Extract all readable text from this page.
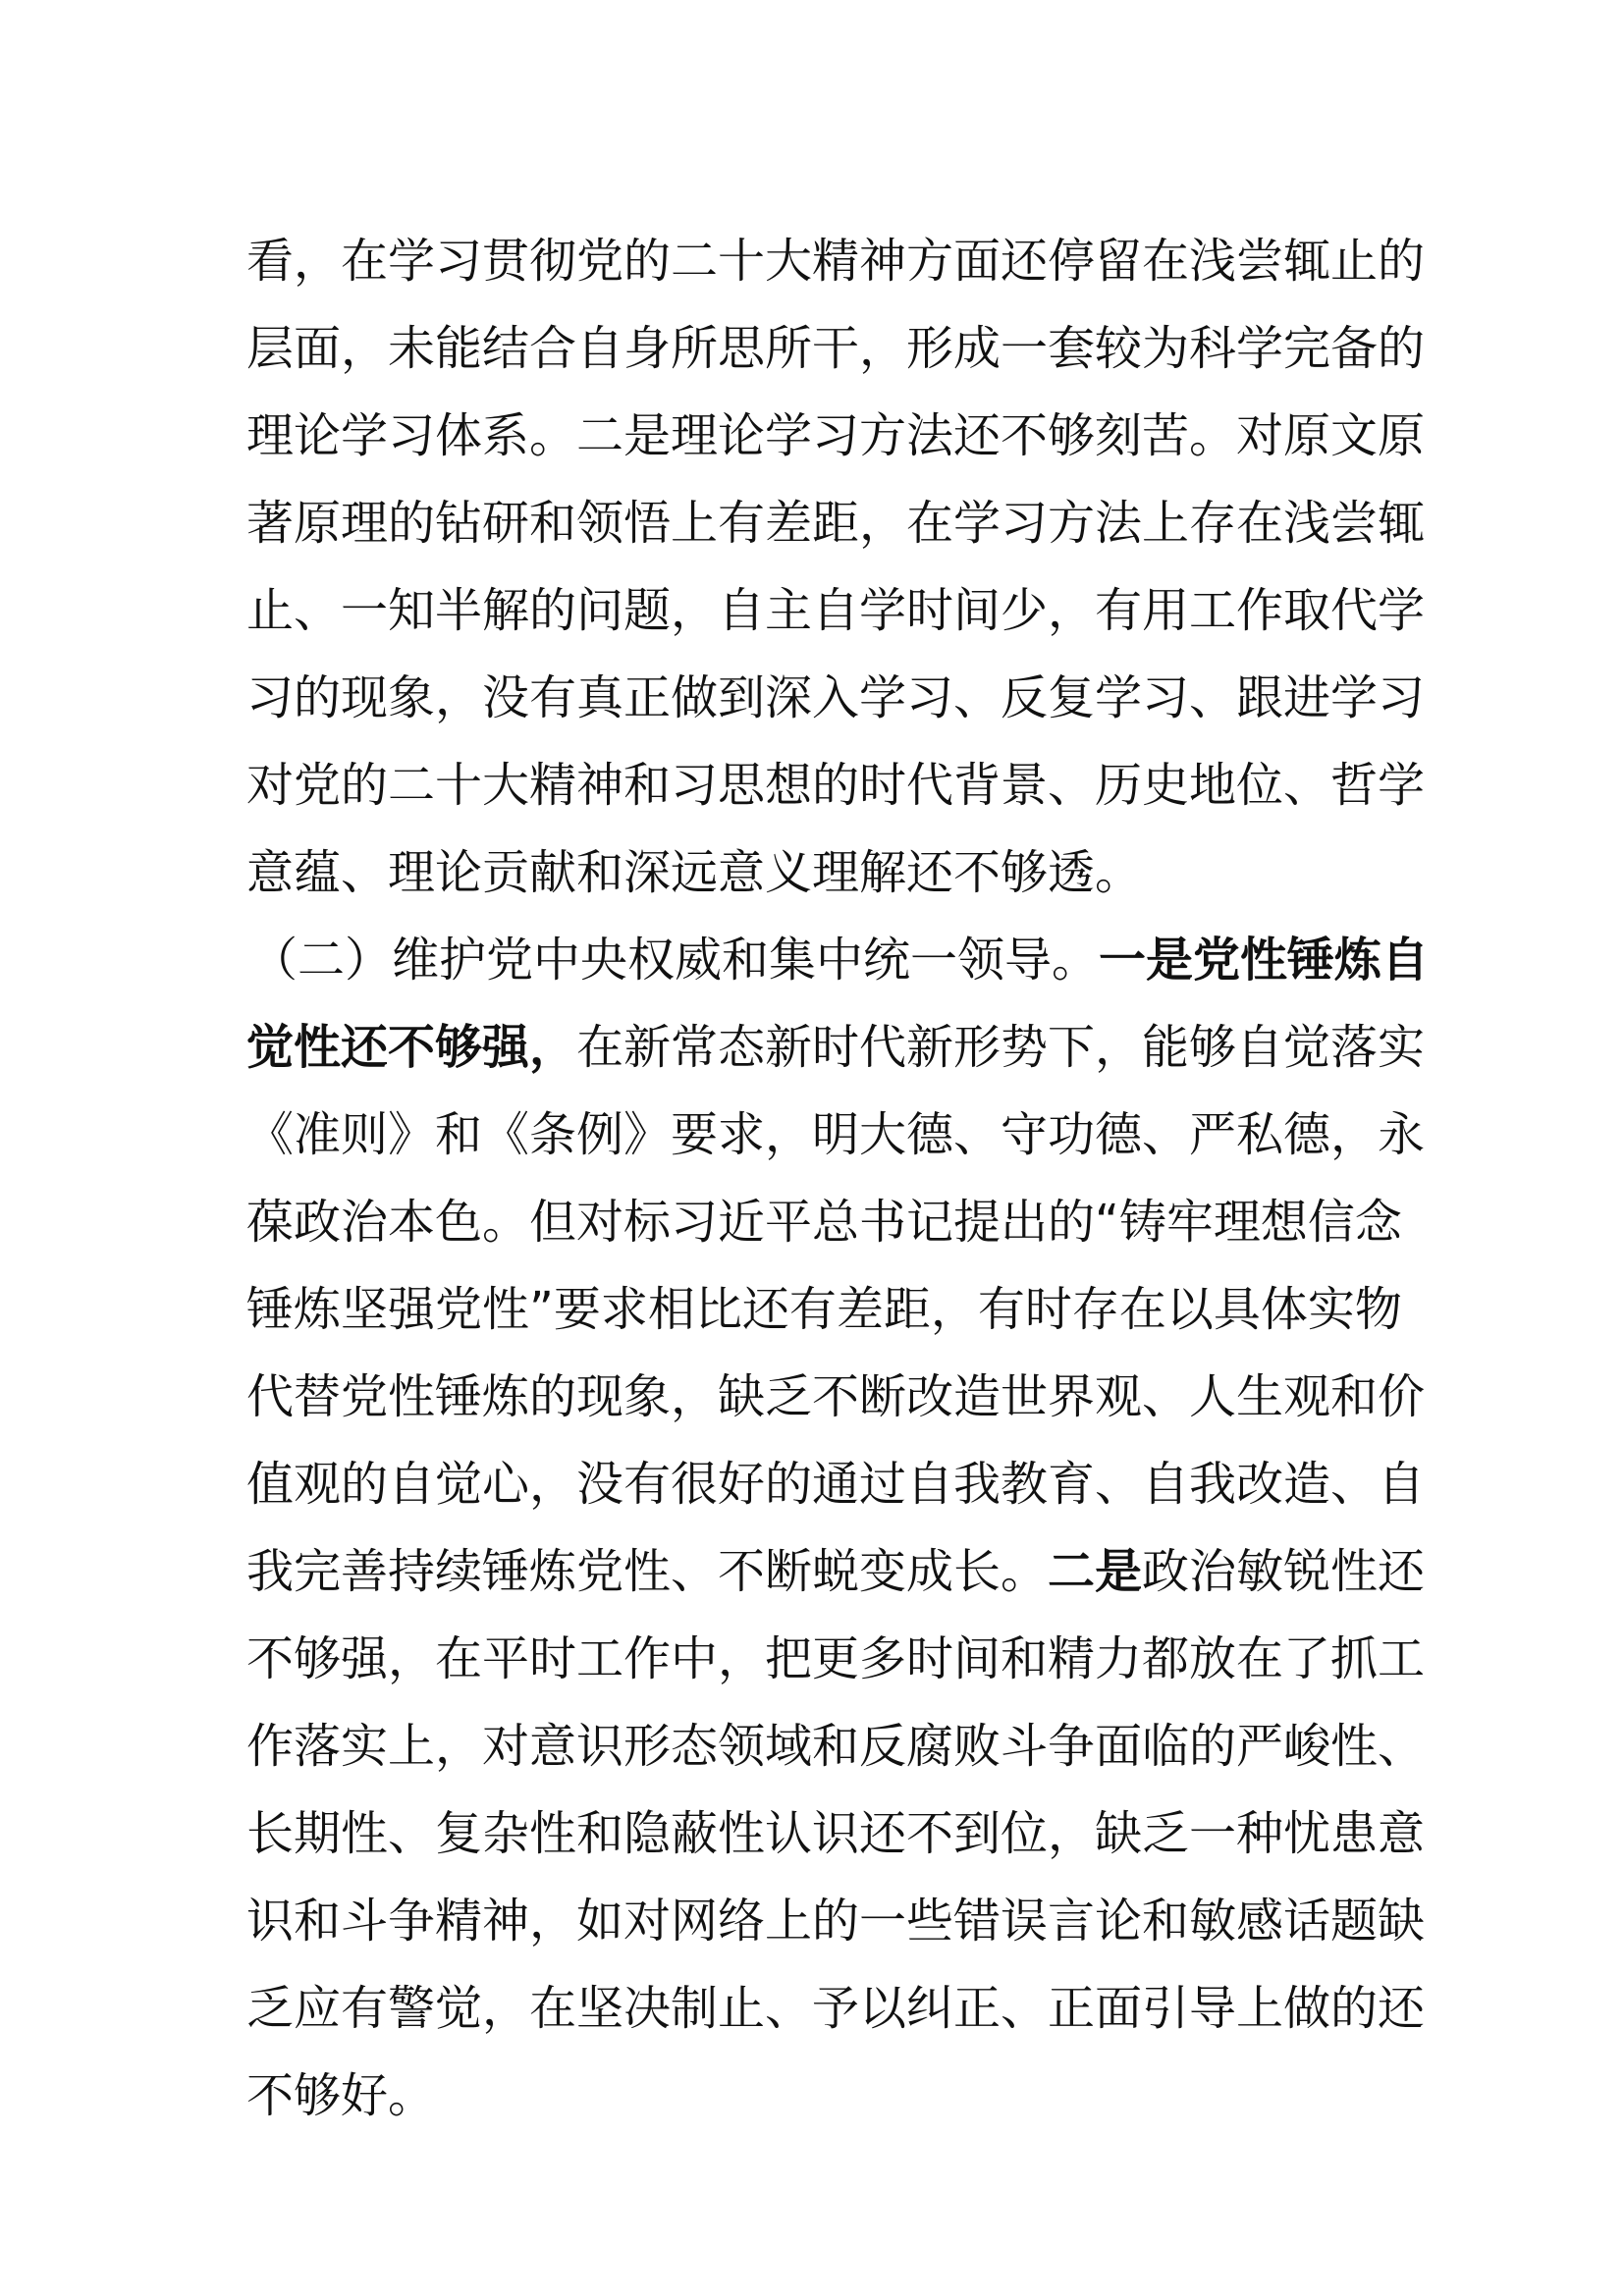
看，在学习贯彻党的二十大精神方面还停留在浅尝辄止的
层面，未能结合自身所思所干，形成一套较为科学完备的
理论学习体系。二是理论学习方法还不够刻苦。对原文原
著原理的钻研和领悟上有差距，在学习方法上存在浅尝辄
止、一知半解的问题，自主自学时间少，有用工作取代学
习的现象，没有真正做到深入学习、反复学习、跟进学习
对党的二十大精神和习思想的时代背景、历史地位、哲学
意蕴、理论贡献和深远意义理解还不够透。
（二）维护党中央权威和集中统一领导。一是党性锤炼自
觉性还不够强，在新常态新时代新形势下，能够自觉落实
《准则》和《条例》要求，明大德、守功德、严私德，永
葆政治本色。但对标习近平总书记提出的“铸牢理想信念
锤炼坚强党性”要求相比还有差距，有时存在以具体实物
代替党性锤炼的现象，缺乏不断改造世界观、人生观和价
值观的自觉心，没有很好的通过自我教育、自我改造、自
我完善持续锤炼党性、不断蜕变成长。二是政治敏锐性还
不够强，在平时工作中，把更多时间和精力都放在了抓工
作落实上，对意识形态领域和反腐败斗争面临的严峻性、
长期性、复杂性和隐蔽性认识还不到位，缺乏一种忧患意
识和斗争精神，如对网络上的一些错误言论和敏感话题缺
乏应有警觉，在坚决制止、予以纠正、正面引导上做的还
不够好。
